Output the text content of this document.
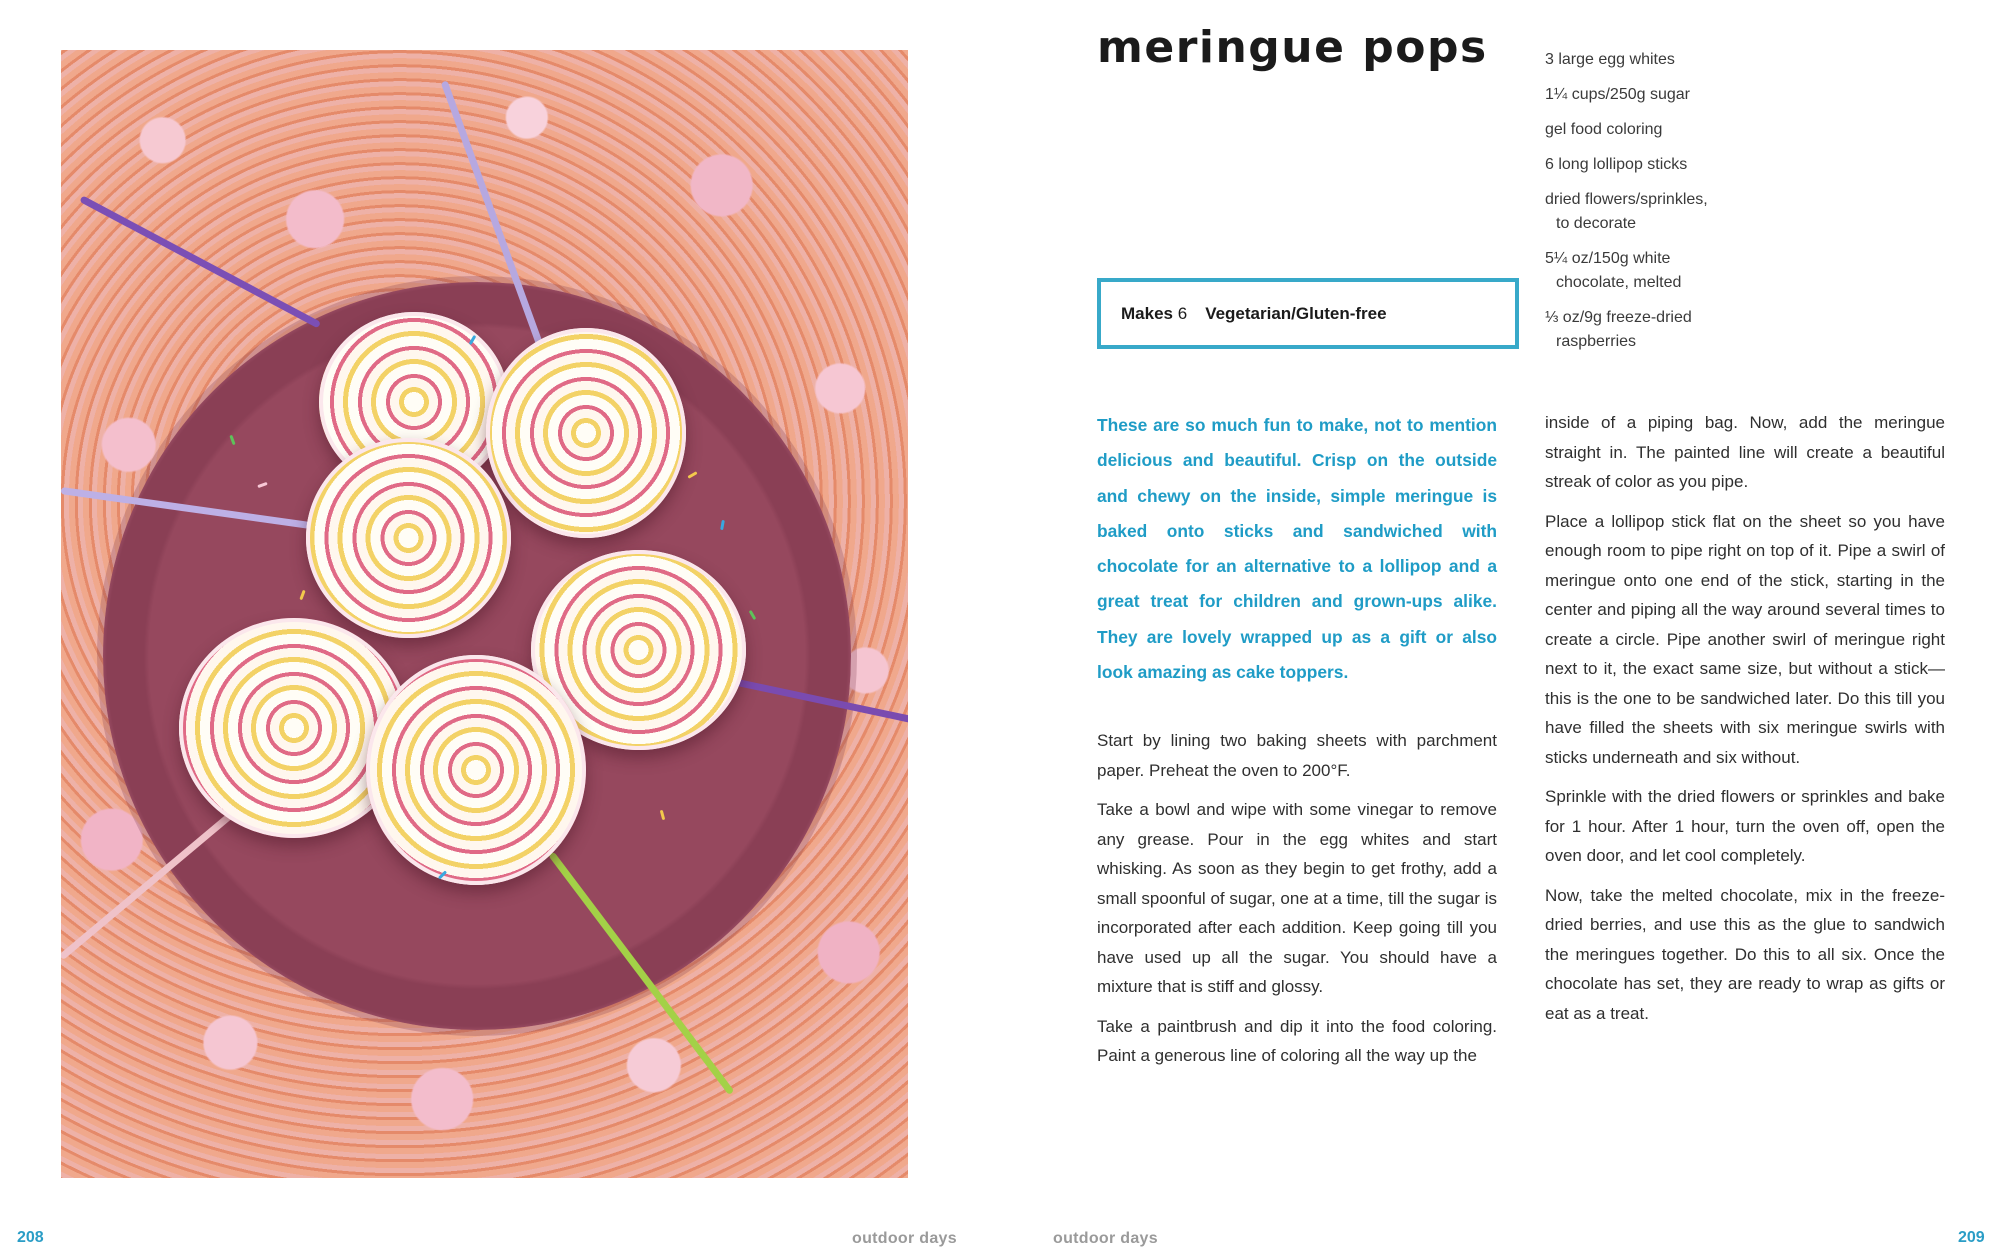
208	outdoor days
meringue pops	3 large egg whites
1¼ cups/250g sugar
gel food coloring
6 long lollipop sticks
dried flowers/sprinkles,
to decorate
5¼ oz/150g white
chocolate, melted
⅓ oz/9g freeze-dried
raspberries
Makes 6 Vegetarian/Gluten-free

These are so much fun to make, not to mention delicious and beautiful. Crisp on the outside and chewy on the inside, simple meringue is baked onto sticks and sandwiched with chocolate for an alternative to a lollipop and a great treat for children and grown-ups alike. They are lovely wrapped up as a gift or also look amazing as cake toppers.

Start by lining two baking sheets with parchment paper. Preheat the oven to 200°F.

Take a bowl and wipe with some vinegar to remove any grease. Pour in the egg whites and start whisking. As soon as they begin to get frothy, add a small spoonful of sugar, one at a time, till the sugar is incorporated after each addition. Keep going till you have used up all the sugar. You should have a mixture that is stiff and glossy.

Take a paintbrush and dip it into the food coloring. Paint a generous line of coloring all the way up the

inside of a piping bag. Now, add the meringue straight in. The painted line will create a beautiful streak of color as you pipe.

Place a lollipop stick flat on the sheet so you have enough room to pipe right on top of it. Pipe a swirl of meringue onto one end of the stick, starting in the center and piping all the way around several times to create a circle. Pipe another swirl of meringue right next to it, the exact same size, but without a stick—this is the one to be sandwiched later. Do this till you have filled the sheets with six meringue swirls with sticks underneath and six without.

Sprinkle with the dried flowers or sprinkles and bake for 1 hour. After 1 hour, turn the oven off, open the oven door, and let cool completely.

Now, take the melted chocolate, mix in the freeze-dried berries, and use this as the glue to sandwich the meringues together. Do this to all six. Once the chocolate has set, they are ready to wrap as gifts or eat as a treat.

outdoor days	209
